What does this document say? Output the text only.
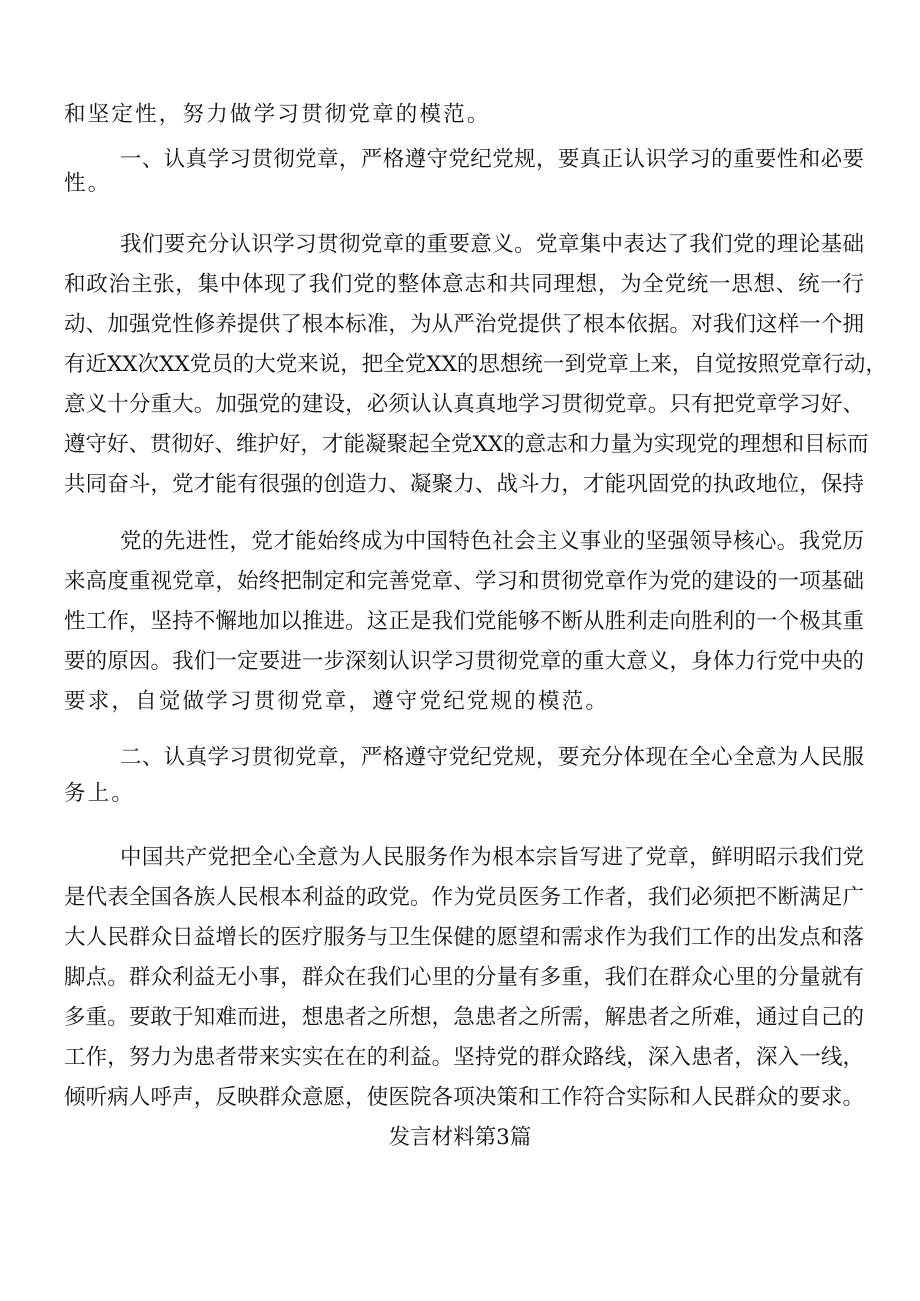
和坚定性，努力做学习贯彻党章的模范。
一、认真学习贯彻党章，严格遵守党纪党规，要真正认识学习的重要性和必要
性。
我们要充分认识学习贯彻党章的重要意义。党章集中表达了我们党的理论基础
和政治主张，集中体现了我们党的整体意志和共同理想，为全党统一思想、统一行
动、加强党性修养提供了根本标准，为从严治党提供了根本依据。对我们这样一个拥
有近XX次XX党员的大党来说，把全党XX的思想统一到党章上来，自觉按照党章行动，
意义十分重大。加强党的建设，必须认认真真地学习贯彻党章。只有把党章学习好、
遵守好、贯彻好、维护好，才能凝聚起全党XX的意志和力量为实现党的理想和目标而
共同奋斗，党才能有很强的创造力、凝聚力、战斗力，才能巩固党的执政地位，保持
党的先进性，党才能始终成为中国特色社会主义事业的坚强领导核心。我党历
来高度重视党章，始终把制定和完善党章、学习和贯彻党章作为党的建设的一项基础
性工作，坚持不懈地加以推进。这正是我们党能够不断从胜利走向胜利的一个极其重
要的原因。我们一定要进一步深刻认识学习贯彻党章的重大意义，身体力行党中央的
要求，自觉做学习贯彻党章，遵守党纪党规的模范。
二、认真学习贯彻党章，严格遵守党纪党规，要充分体现在全心全意为人民服
务上。
中国共产党把全心全意为人民服务作为根本宗旨写进了党章，鲜明昭示我们党
是代表全国各族人民根本利益的政党。作为党员医务工作者，我们必须把不断满足广
大人民群众日益增长的医疗服务与卫生保健的愿望和需求作为我们工作的出发点和落
脚点。群众利益无小事，群众在我们心里的分量有多重，我们在群众心里的分量就有
多重。要敢于知难而进，想患者之所想，急患者之所需，解患者之所难，通过自己的
工作，努力为患者带来实实在在的利益。坚持党的群众路线，深入患者，深入一线，
倾听病人呼声，反映群众意愿，使医院各项决策和工作符合实际和人民群众的要求。
发言材料第3篇
